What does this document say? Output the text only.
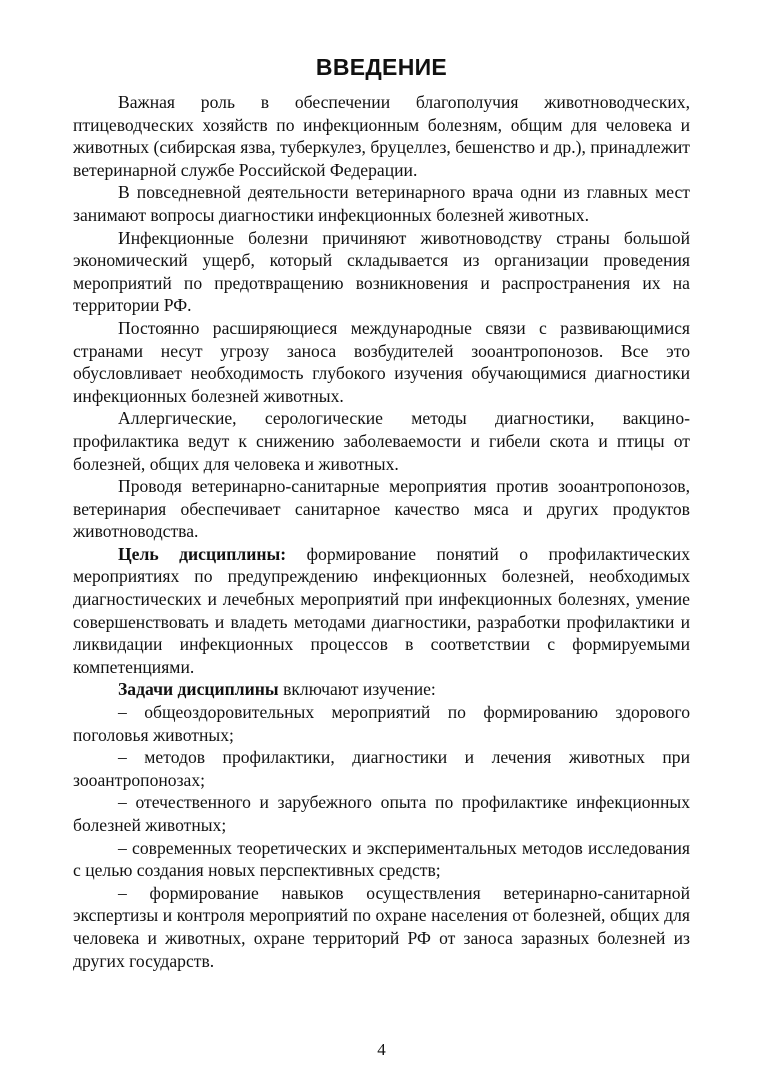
ВВЕДЕНИЕ

Важная роль в обеспечении благополучия животноводческих, птицеводческих хозяйств по инфекционным болезням, общим для человека и животных (сибирская язва, туберкулез, бруцеллез, бешенство и др.), принадлежит ветеринарной службе Российской Федерации.

В повседневной деятельности ветеринарного врача одни из главных мест занимают вопросы диагностики инфекционных болезней животных.

Инфекционные болезни причиняют животноводству страны большой экономический ущерб, который складывается из организации проведения мероприятий по предотвращению возникновения и распространения их на территории РФ.

Постоянно расширяющиеся международные связи с развивающимися странами несут угрозу заноса возбудителей зооантропонозов. Все это обусловливает необходимость глубокого изучения обучающимися диагностики инфекционных болезней животных.

Аллергические, серологические методы диагностики, вакцинопрофилактика ведут к снижению заболеваемости и гибели скота и птицы от болезней, общих для человека и животных.

Проводя ветеринарно-санитарные мероприятия против зооантропонозов, ветеринария обеспечивает санитарное качество мяса и других продуктов животноводства.

Цель дисциплины: формирование понятий о профилактических мероприятиях по предупреждению инфекционных болезней, необходимых диагностических и лечебных мероприятий при инфекционных болезнях, умение совершенствовать и владеть методами диагностики, разработки профилактики и ликвидации инфекционных процессов в соответствии с формируемыми компетенциями.

Задачи дисциплины включают изучение:

– общеоздоровительных мероприятий по формированию здорового поголовья животных;

– методов профилактики, диагностики и лечения животных при зооантропонозах;

– отечественного и зарубежного опыта по профилактике инфекционных болезней животных;

– современных теоретических и экспериментальных методов исследования с целью создания новых перспективных средств;

– формирование навыков осуществления ветеринарно-санитарной экспертизы и контроля мероприятий по охране населения от болезней, общих для человека и животных, охране территорий РФ от заноса заразных болезней из других государств.

4
